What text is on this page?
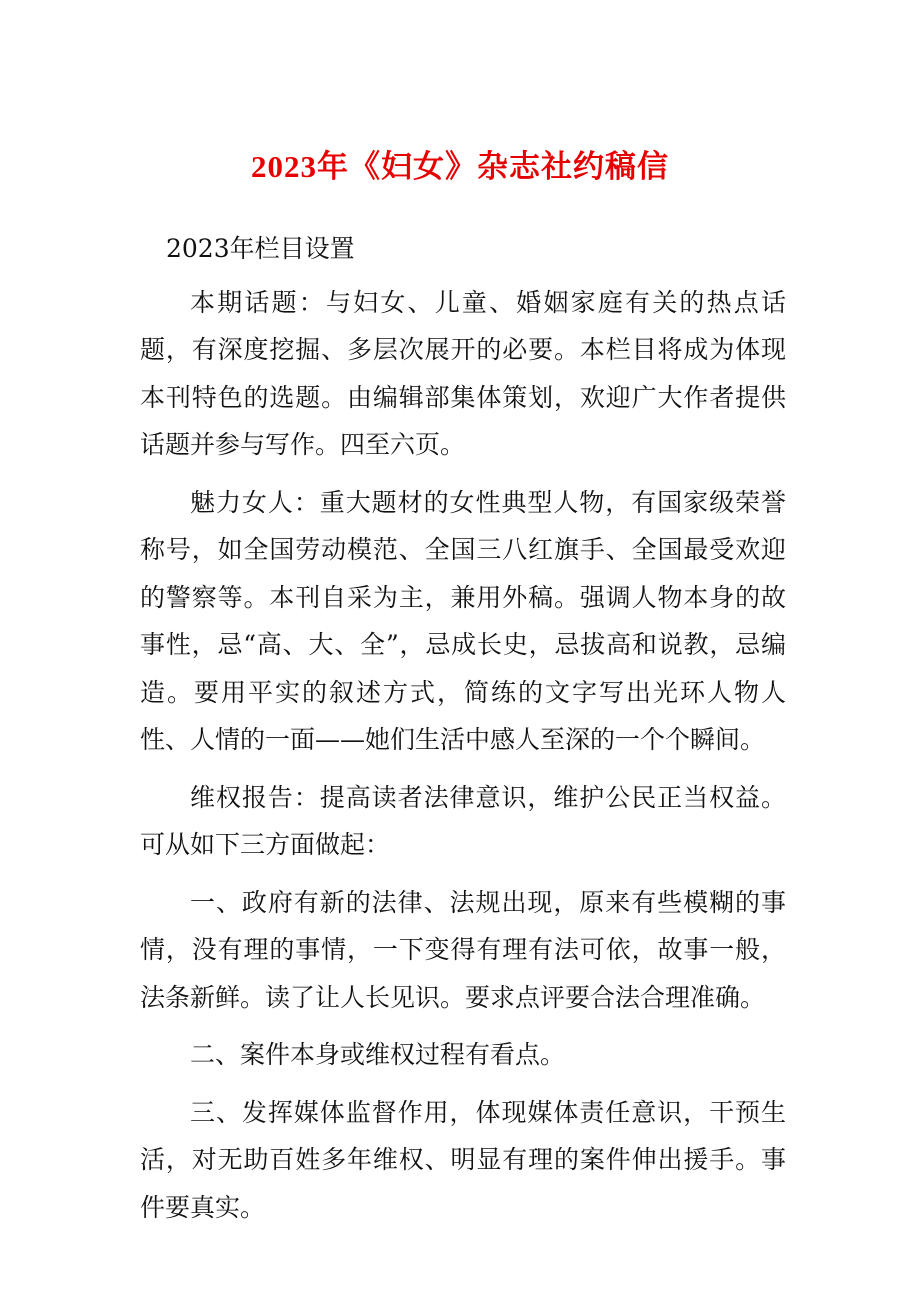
2023年《妇女》杂志社约稿信

2023年栏目设置

本期话题：与妇女、儿童、婚姻家庭有关的热点话题，有深度挖掘、多层次展开的必要。本栏目将成为体现本刊特色的选题。由编辑部集体策划，欢迎广大作者提供话题并参与写作。四至六页。

魅力女人：重大题材的女性典型人物，有国家级荣誉称号，如全国劳动模范、全国三八红旗手、全国最受欢迎的警察等。本刊自采为主，兼用外稿。强调人物本身的故事性，忌“高、大、全”，忌成长史，忌拔高和说教，忌编造。要用平实的叙述方式，简练的文字写出光环人物人性、人情的一面——她们生活中感人至深的一个个瞬间。

维权报告：提高读者法律意识，维护公民正当权益。可从如下三方面做起：

一、政府有新的法律、法规出现，原来有些模糊的事情，没有理的事情，一下变得有理有法可依，故事一般，法条新鲜。读了让人长见识。要求点评要合法合理准确。

二、案件本身或维权过程有看点。

三、发挥媒体监督作用，体现媒体责任意识，干预生活，对无助百姓多年维权、明显有理的案件伸出援手。事件要真实。
